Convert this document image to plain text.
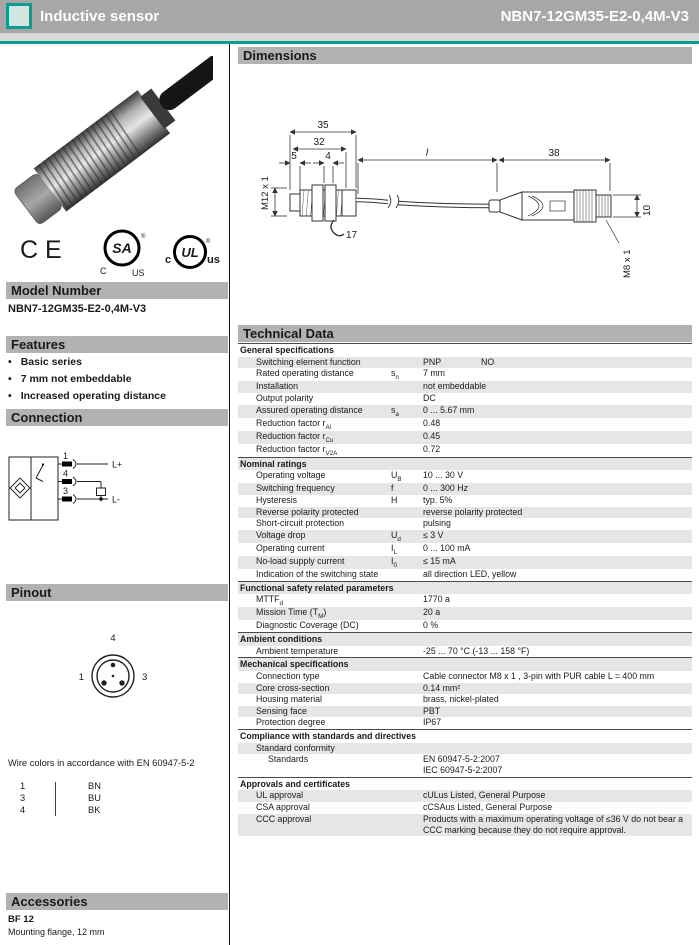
Inductive sensor	NBN7-12GM35-E2-0,4M-V3
CE	SA
®
C	US
UL
c	us
®
Model Number
NBN7-12GM35-E2-0,4M-V3
Features
• Basic series
• 7 mm not embeddable
• Increased operating distance
Connection
1
4
3
L+
L-
Pinout
4
1	3
Wire colors in accordance with EN 60947-5-2
1	BN
3	BU
4	BK
Accessories
BF 12
Mounting flange, 12 mm
Dimensions
35
32
5	4	l	38
17
M12 x 1
10
M8 x 1
Technical Data
General specifications
Switching element function	PNP	NO
Rated operating distance	$s_n$	7 mm
Installation	not embeddable
Output polarity	DC
Assured operating distance	$s_a$	0 ... 5.67 mm
Reduction factor $r_{Al}$	0.48
Reduction factor $r_{Cu}$	0.45
Reduction factor $r_{V2A}$	0.72
Nominal ratings
Operating voltage	$U_B$	10 ... 30 V
Switching frequency	f	0 ... 300 Hz
Hysteresis	H	typ. 5%
Reverse polarity protected	reverse polarity protected
Short-circuit protection	pulsing
Voltage drop	$U_d$	≤ 3 V
Operating current	$I_L$	0 ... 100 mA
No-load supply current	$I_0$	≤ 15 mA
Indication of the switching state	all direction LED, yellow
Functional safety related parameters
$MTTF_d$	1770 a
Mission Time $(T_M)$	20 a
Diagnostic Coverage (DC)	0 %
Ambient conditions
Ambient temperature	-25 ... 70 °C (-13 ... 158 °F)
Mechanical specifications
Connection type	Cable connector M8 x 1 , 3-pin with PUR cable L = 400 mm
Core cross-section	0.14 mm²
Housing material	brass, nickel-plated
Sensing face	PBT
Protection degree	IP67
Compliance with standards and directives
Standard conformity
Standards	EN 60947-5-2:2007
IEC 60947-5-2:2007
Approvals and certificates
UL approval	cULus Listed, General Purpose
CSA approval	cCSAus Listed, General Purpose
CCC approval	Products with a maximum operating voltage of ≤36 V do not bear a CCC marking because they do not require approval.
